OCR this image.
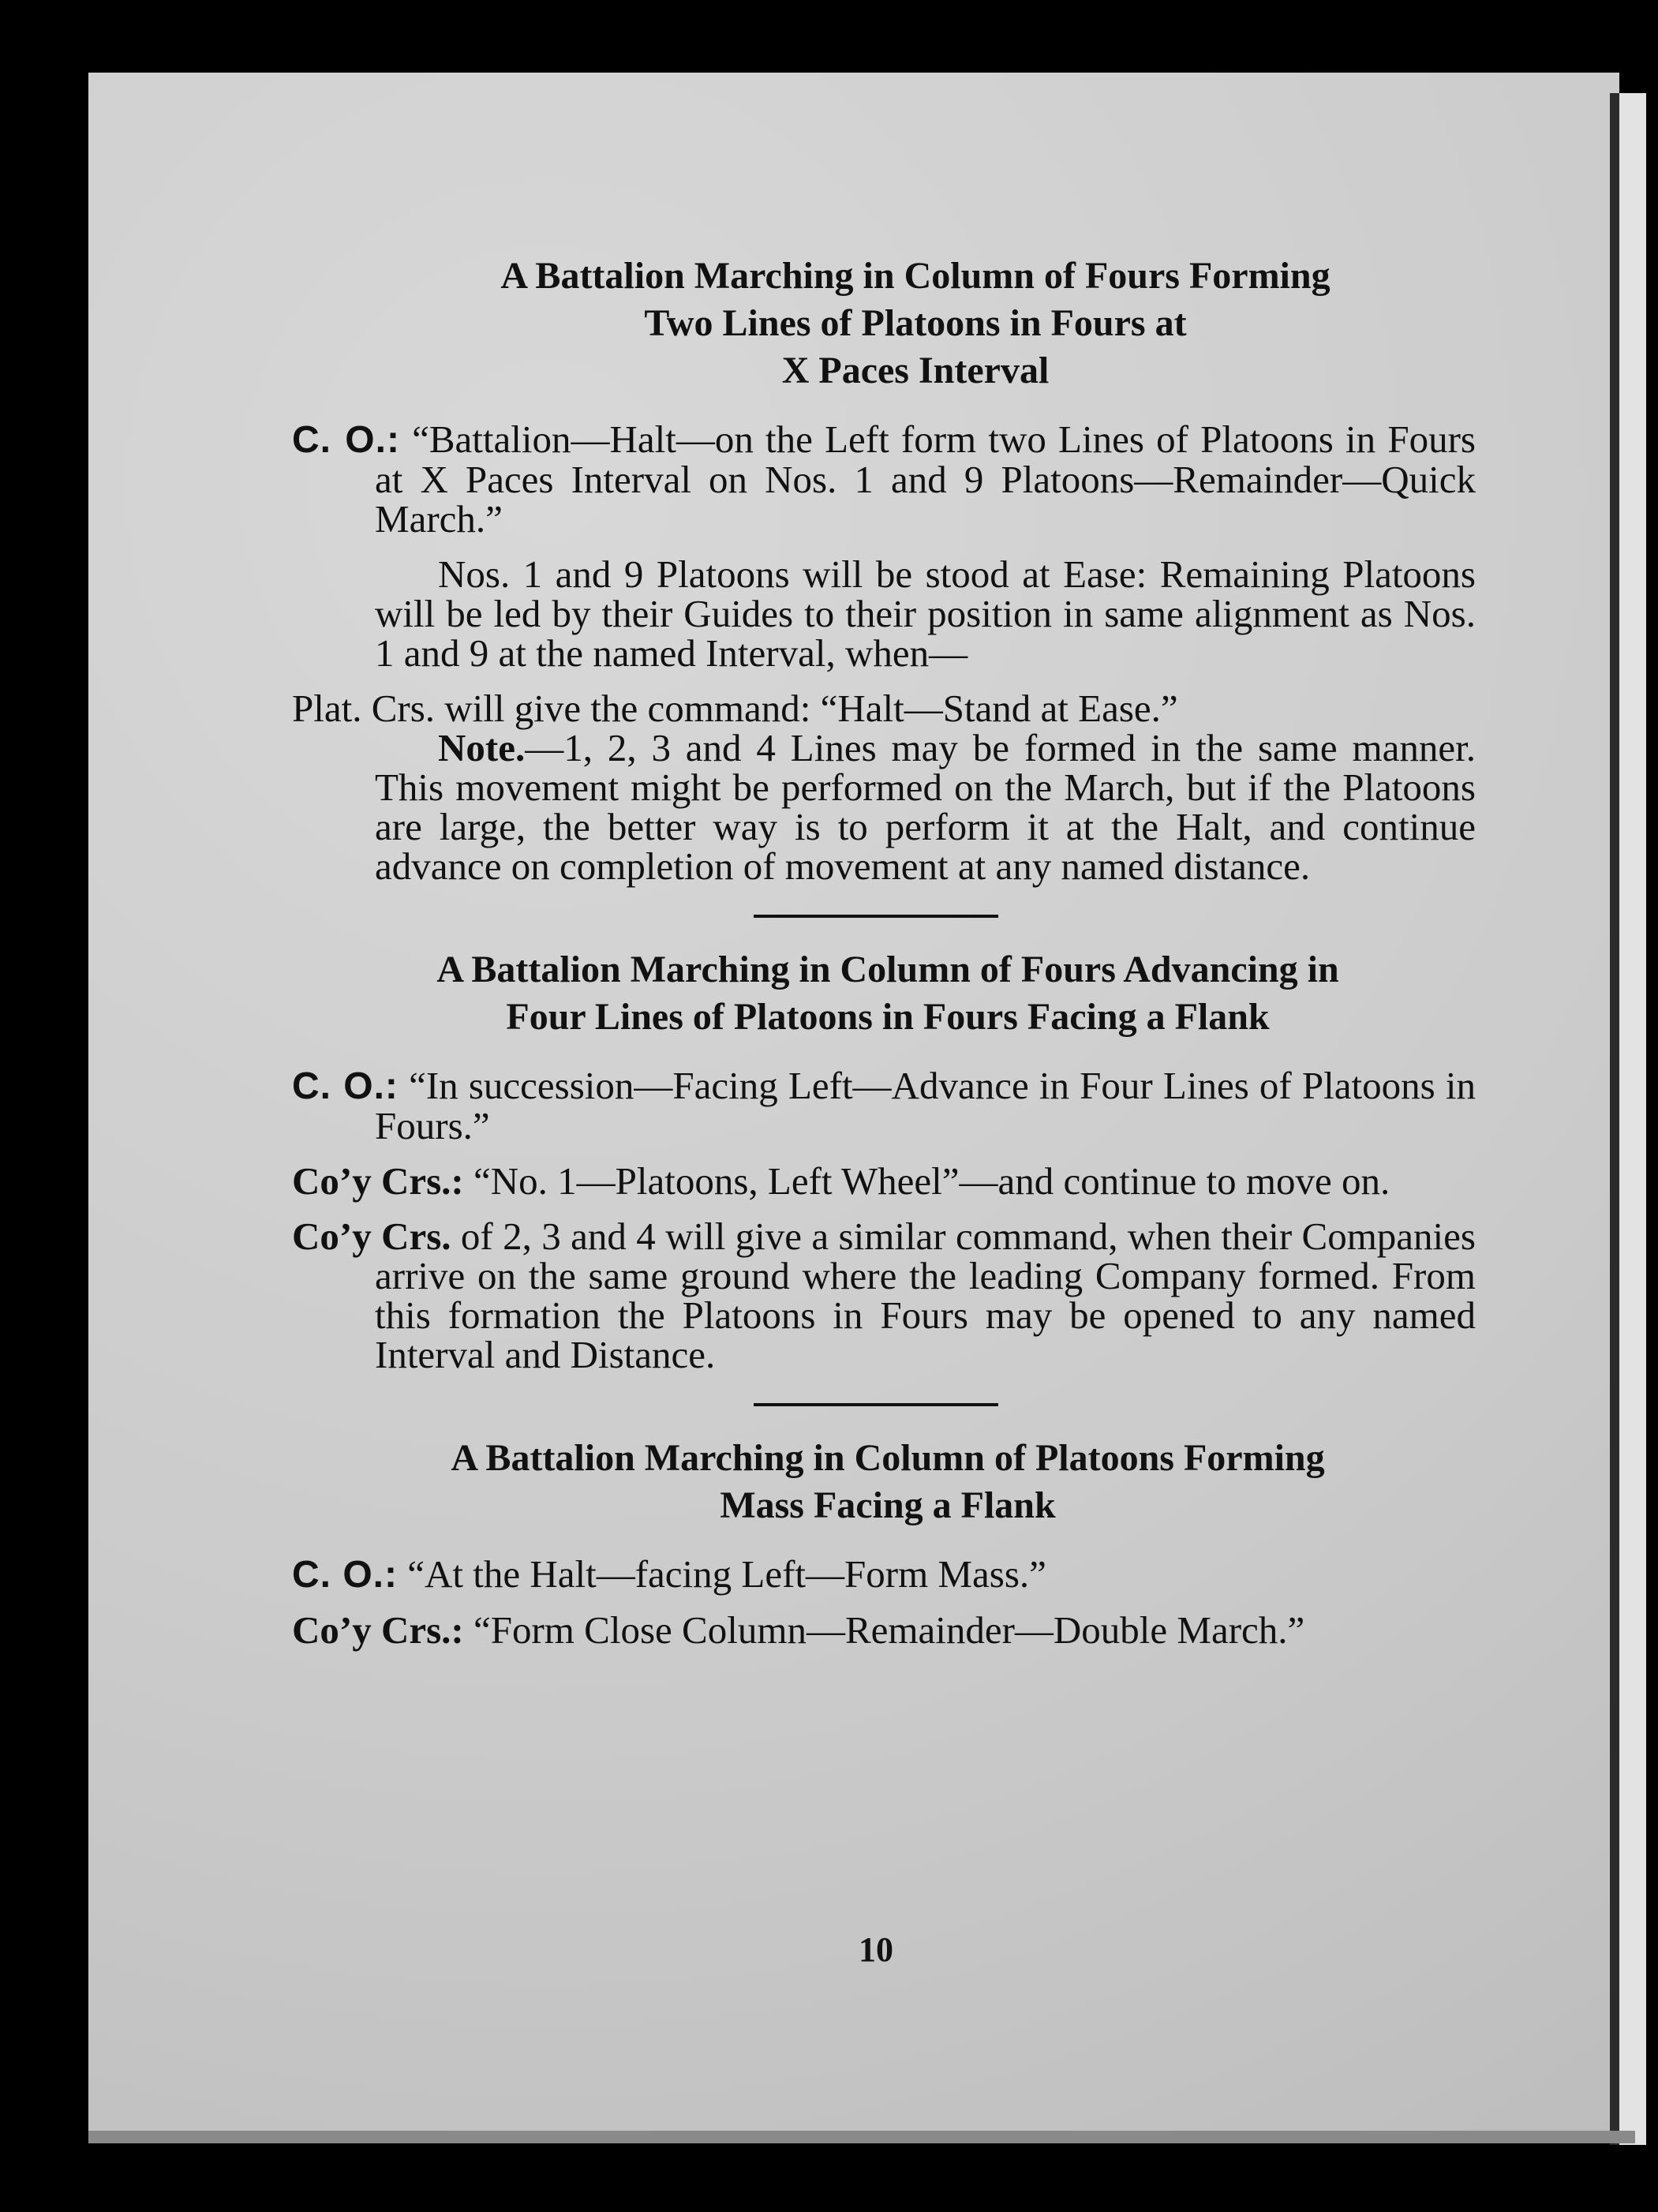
A Battalion Marching in Column of Fours Forming
Two Lines of Platoons in Fours at
X Paces Interval

C. O.: “Battalion—Halt—on the Left form two Lines of Platoons in Fours at X Paces Interval on Nos. 1 and 9 Platoons—Remainder—Quick March.”

Nos. 1 and 9 Platoons will be stood at Ease: Remaining Platoons will be led by their Guides to their position in same alignment as Nos. 1 and 9 at the named Interval, when—

Plat. Crs. will give the command: “Halt—Stand at Ease.”

Note.—1, 2, 3 and 4 Lines may be formed in the same manner. This movement might be performed on the March, but if the Platoons are large, the better way is to perform it at the Halt, and continue advance on completion of movement at any named distance.

A Battalion Marching in Column of Fours Advancing in
Four Lines of Platoons in Fours Facing a Flank

C. O.: “In succession—Facing Left—Advance in Four Lines of Platoons in Fours.”

Co’y Crs.: “No. 1—Platoons, Left Wheel”—and continue to move on.

Co’y Crs. of 2, 3 and 4 will give a similar command, when their Companies arrive on the same ground where the leading Company formed. From this formation the Platoons in Fours may be opened to any named Interval and Distance.

A Battalion Marching in Column of Platoons Forming
Mass Facing a Flank

C. O.: “At the Halt—facing Left—Form Mass.”

Co’y Crs.: “Form Close Column—Remainder—Double March.”

10
